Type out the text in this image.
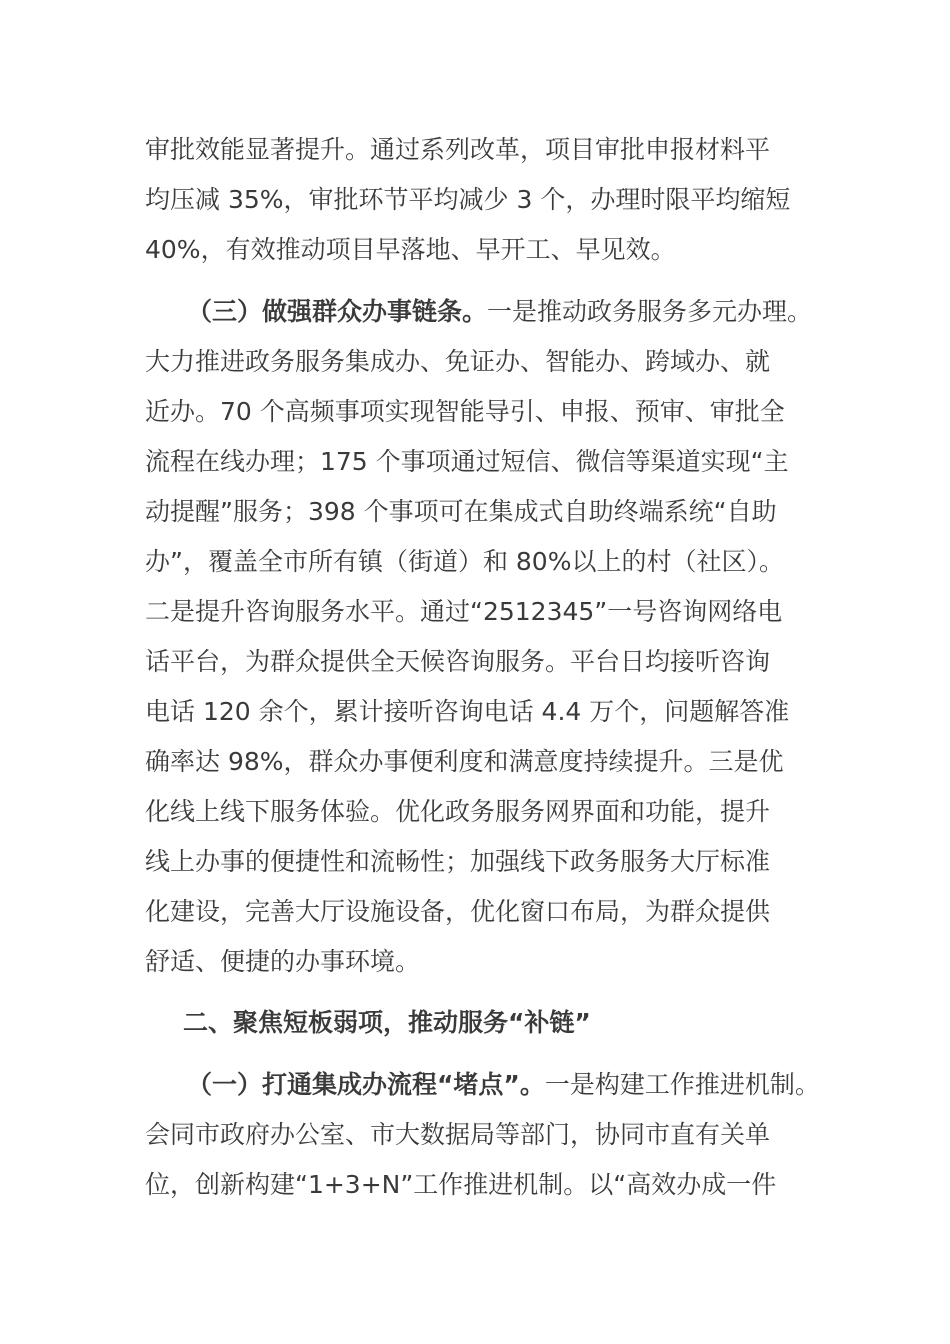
审批效能显著提升。通过系列改革，项目审批申报材料平
均压减 35%，审批环节平均减少 3 个，办理时限平均缩短
40%，有效推动项目早落地、早开工、早见效。
（三）做强群众办事链条。一是推动政务服务多元办理。
大力推进政务服务集成办、免证办、智能办、跨域办、就
近办。70 个高频事项实现智能导引、申报、预审、审批全
流程在线办理；175 个事项通过短信、微信等渠道实现“主
动提醒”服务；398 个事项可在集成式自助终端系统“自助
办”，覆盖全市所有镇（街道）和 80%以上的村（社区）。
二是提升咨询服务水平。通过“2512345”一号咨询网络电
话平台，为群众提供全天候咨询服务。平台日均接听咨询
电话 120 余个，累计接听咨询电话 4.4 万个，问题解答准
确率达 98%，群众办事便利度和满意度持续提升。三是优
化线上线下服务体验。优化政务服务网界面和功能，提升
线上办事的便捷性和流畅性；加强线下政务服务大厅标准
化建设，完善大厅设施设备，优化窗口布局，为群众提供
舒适、便捷的办事环境。
二、聚焦短板弱项，推动服务“补链”
（一）打通集成办流程“堵点”。一是构建工作推进机制。
会同市政府办公室、市大数据局等部门，协同市直有关单
位，创新构建“1+3+N”工作推进机制。以“高效办成一件
